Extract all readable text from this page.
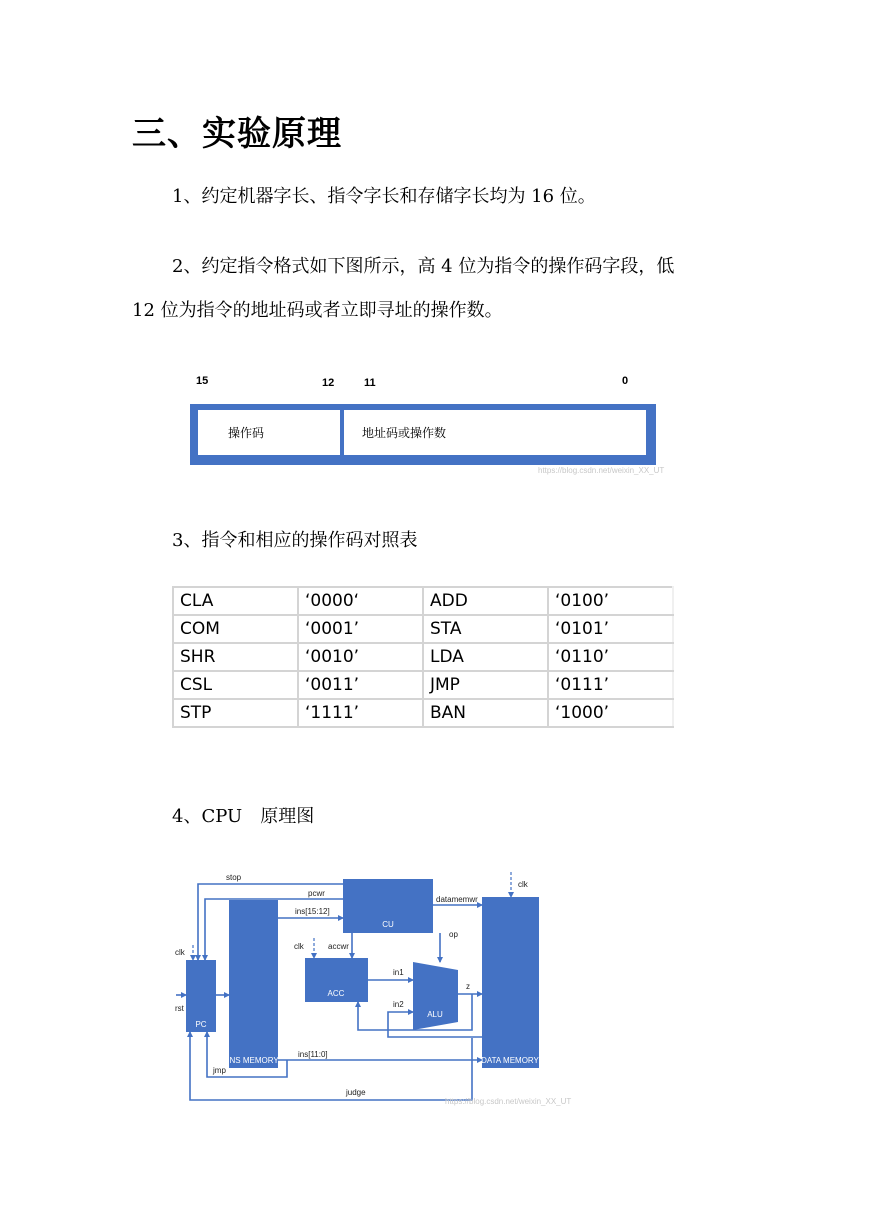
三、实验原理
1、约定机器字长、指令字长和存储字长均为 16 位。
2、约定指令格式如下图所示，高 4 位为指令的操作码字段，低
12 位为指令的地址码或者立即寻址的操作数。
15	12	11	0
操作码	地址码或操作数
https://blog.csdn.net/weixin_XX_UT
3、指令和相应的操作码对照表
CLA	‘0000‘	ADD	‘0100’
COM	‘0001’	STA	‘0101’
SHR	‘0010’	LDA	‘0110’
CSL	‘0011’	JMP	‘0111’
STP	‘1111’	BAN	‘1000’
4、CPU　原理图
CU
INS MEMORY
PC
ACC
ALU
DATA MEMORY
stop
pcwr
ins[15:12]
datamemwr
clk
clk
clk	accwr
op
in1
in2
z
rst
ins[11:0]
jmp
judge
https://blog.csdn.net/weixin_XX_UT
